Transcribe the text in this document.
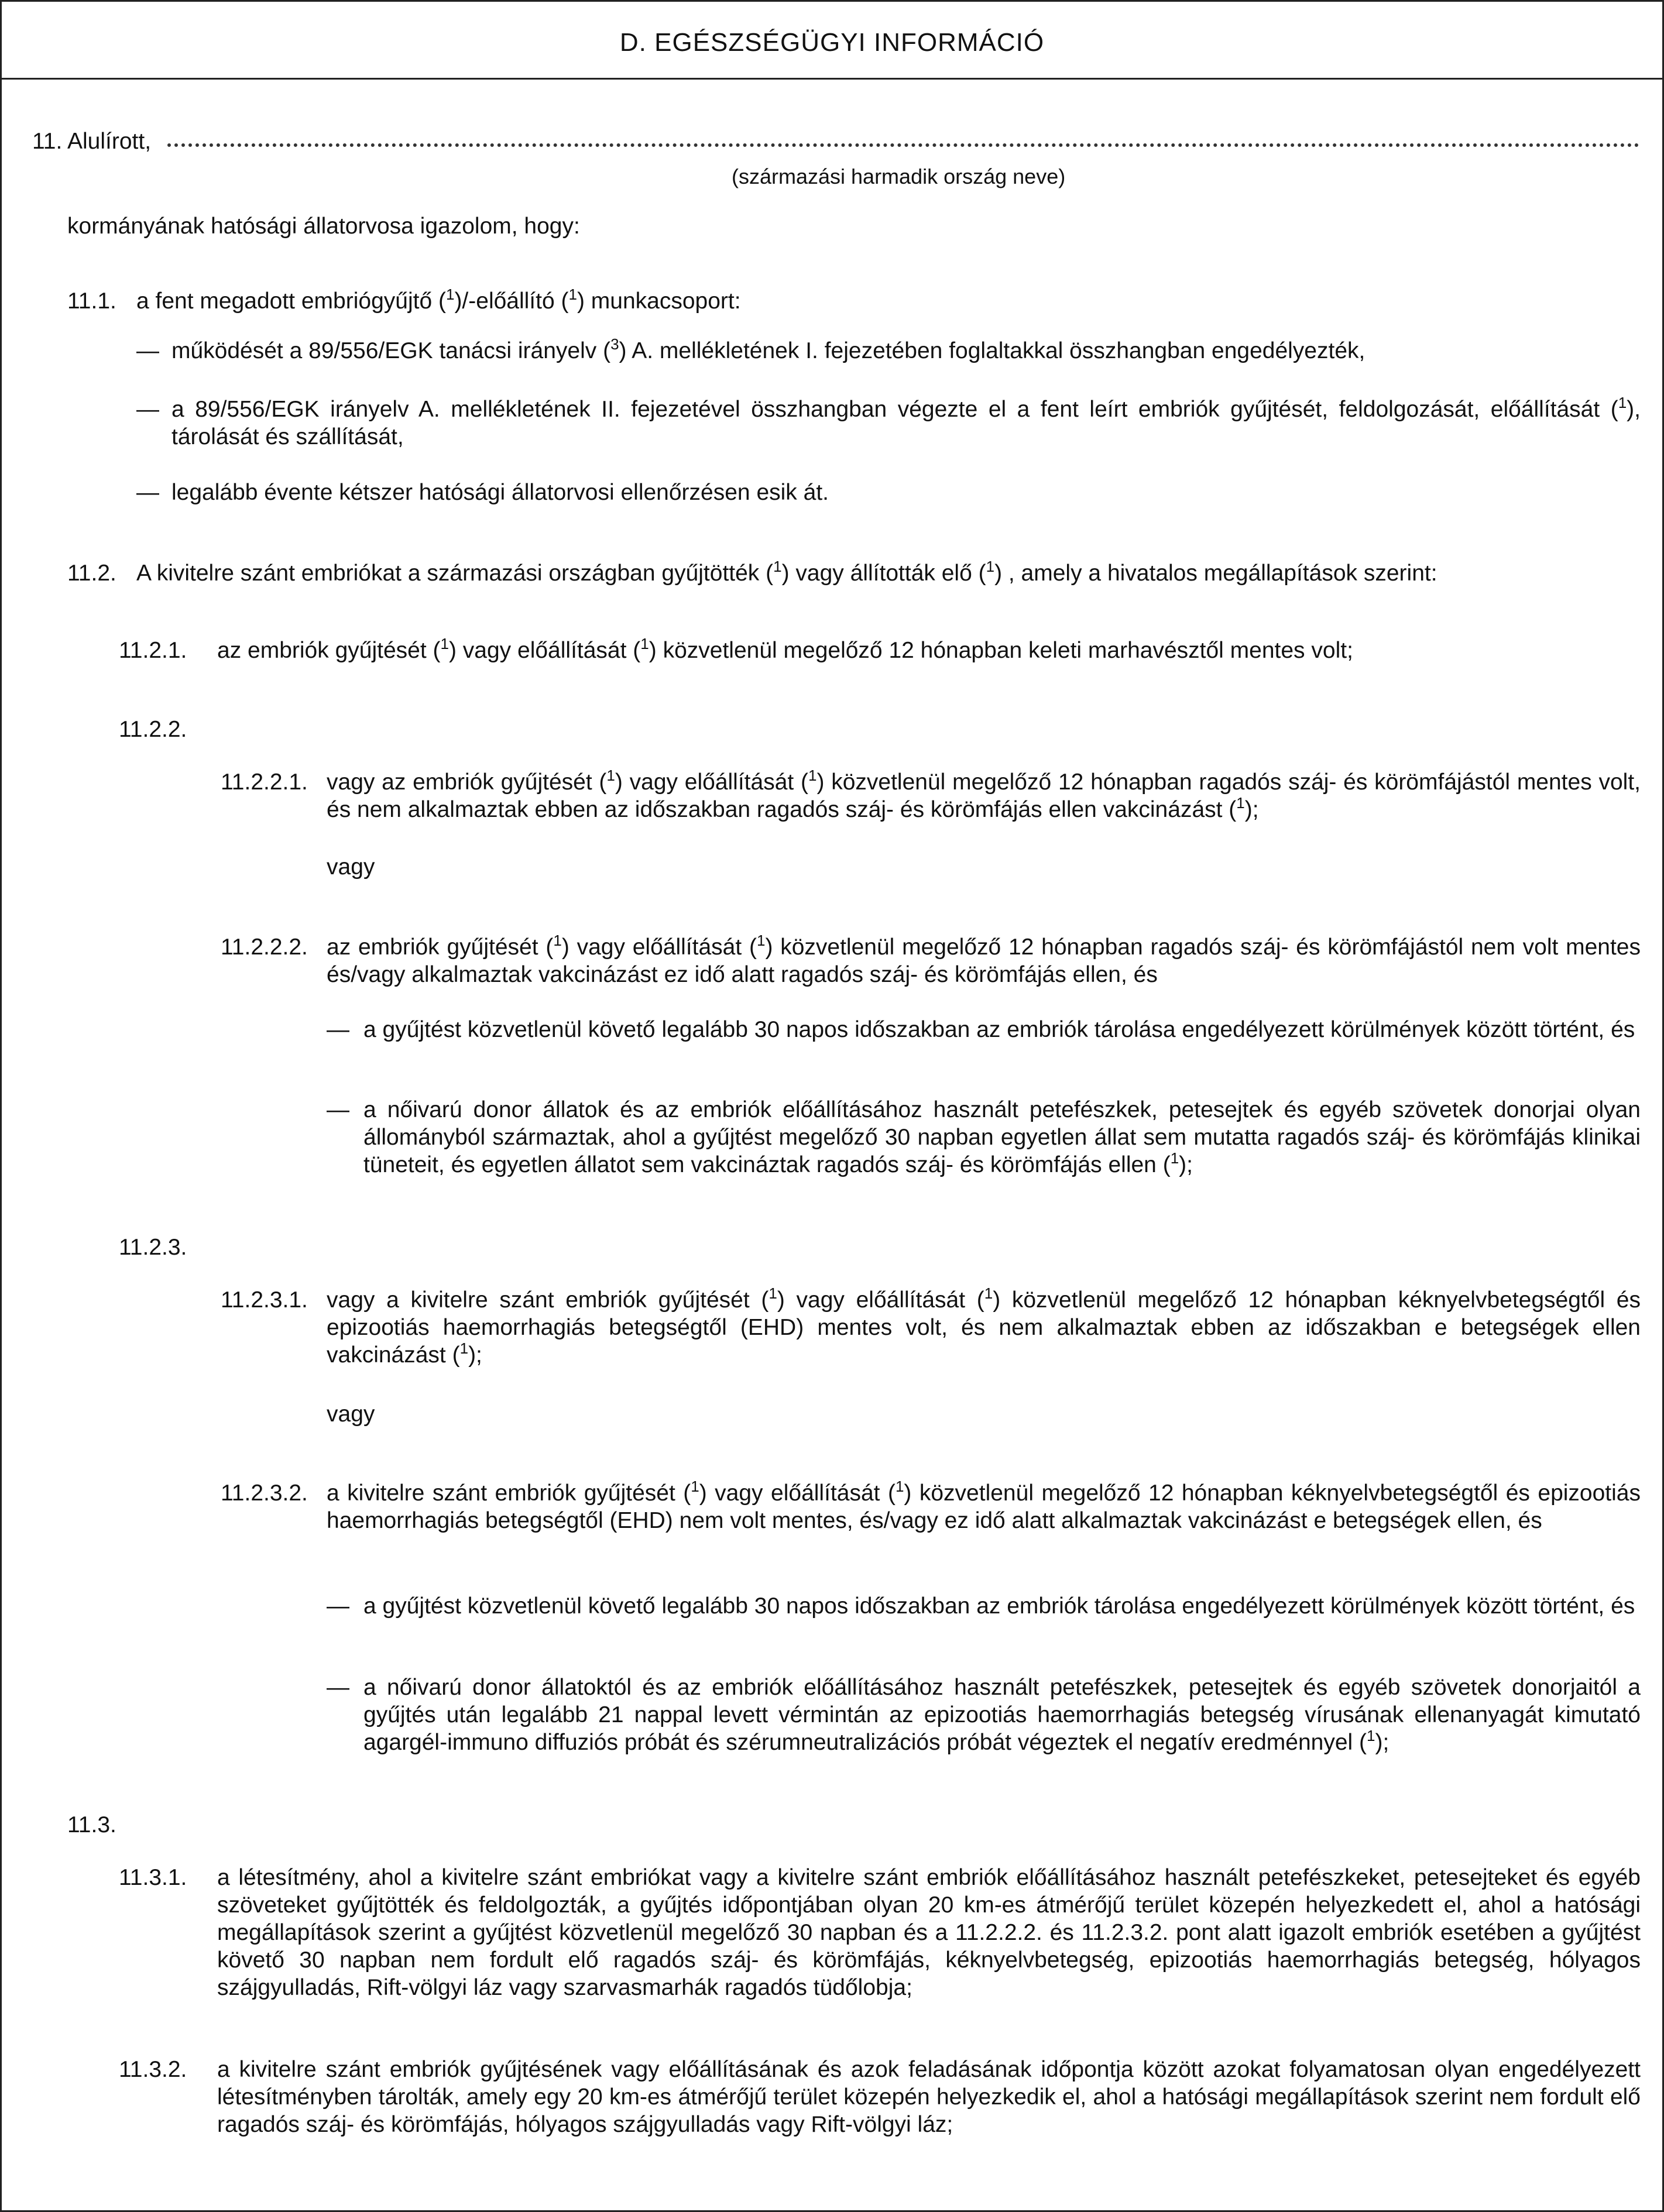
D. EGÉSZSÉGÜGYI INFORMÁCIÓ
11. Alulírott,
(származási harmadik ország neve)
kormányának hatósági állatorvosa igazolom, hogy:
11.1. a fent megadott embriógyűjtő ($^1$)/-előállító ($^1$) munkacsoport:
— működését a 89/556/EGK tanácsi irányelv ($^3$) A. mellékletének I. fejezetében foglaltakkal összhangban engedélyezték,
— a 89/556/EGK irányelv A. mellékletének II. fejezetével összhangban végezte el a fent leírt embriók gyűjtését, feldolgozását, előállítását ($^1$), tárolását és szállítását,
— legalább évente kétszer hatósági állatorvosi ellenőrzésen esik át.
11.2. A kivitelre szánt embriókat a származási országban gyűjtötték ($^1$) vagy állították elő ($^1$) , amely a hivatalos megállapítások szerint:
11.2.1. az embriók gyűjtését ($^1$) vagy előállítását ($^1$) közvetlenül megelőző 12 hónapban keleti marhavésztől mentes volt;
11.2.2.
11.2.2.1. vagy az embriók gyűjtését ($^1$) vagy előállítását ($^1$) közvetlenül megelőző 12 hónapban ragadós száj- és körömfájástól mentes volt, és nem alkalmaztak ebben az időszakban ragadós száj- és körömfájás ellen vakcinázást ($^1$);
vagy
11.2.2.2. az embriók gyűjtését ($^1$) vagy előállítását ($^1$) közvetlenül megelőző 12 hónapban ragadós száj- és körömfájástól nem volt mentes és/vagy alkalmaztak vakcinázást ez idő alatt ragadós száj- és körömfájás ellen, és
— a gyűjtést közvetlenül követő legalább 30 napos időszakban az embriók tárolása engedélyezett körülmények között történt, és
— a nőivarú donor állatok és az embriók előállításához használt petefészkek, petesejtek és egyéb szövetek donorjai olyan állományból származtak, ahol a gyűjtést megelőző 30 napban egyetlen állat sem mutatta ragadós száj- és körömfájás klinikai tüneteit, és egyetlen állatot sem vakcináztak ragadós száj- és körömfájás ellen ($^1$);
11.2.3.
11.2.3.1. vagy a kivitelre szánt embriók gyűjtését ($^1$) vagy előállítását ($^1$) közvetlenül megelőző 12 hónapban kéknyelvbetegségtől és epizootiás haemorrhagiás betegségtől (EHD) mentes volt, és nem alkalmaztak ebben az időszakban e betegségek ellen vakcinázást ($^1$);
vagy
11.2.3.2. a kivitelre szánt embriók gyűjtését ($^1$) vagy előállítását ($^1$) közvetlenül megelőző 12 hónapban kéknyelvbetegségtől és epizootiás haemorrhagiás betegségtől (EHD) nem volt mentes, és/vagy ez idő alatt alkalmaztak vakcinázást e betegségek ellen, és
— a gyűjtést közvetlenül követő legalább 30 napos időszakban az embriók tárolása engedélyezett körülmények között történt, és
— a nőivarú donor állatoktól és az embriók előállításához használt petefészkek, petesejtek és egyéb szövetek donorjaitól a gyűjtés után legalább 21 nappal levett vérmintán az epizootiás haemorrhagiás betegség vírusának ellenanyagát kimutató agargél-immuno diffuziós próbát és szérumneutralizációs próbát végeztek el negatív eredménnyel ($^1$);
11.3.
11.3.1. a létesítmény, ahol a kivitelre szánt embriókat vagy a kivitelre szánt embriók előállításához használt petefészkeket, petesejteket és egyéb szöveteket gyűjtötték és feldolgozták, a gyűjtés időpontjában olyan 20 km-es átmérőjű terület közepén helyezkedett el, ahol a hatósági megállapítások szerint a gyűjtést közvetlenül megelőző 30 napban és a 11.2.2.2. és 11.2.3.2. pont alatt igazolt embriók esetében a gyűjtést követő 30 napban nem fordult elő ragadós száj- és körömfájás, kéknyelvbetegség, epizootiás haemorrhagiás betegség, hólyagos szájgyulladás, Rift-völgyi láz vagy szarvasmarhák ragadós tüdőlobja;
11.3.2. a kivitelre szánt embriók gyűjtésének vagy előállításának és azok feladásának időpontja között azokat folyamatosan olyan engedélyezett létesítményben tárolták, amely egy 20 km-es átmérőjű terület közepén helyezkedik el, ahol a hatósági megállapítások szerint nem fordult elő ragadós száj- és körömfájás, hólyagos szájgyulladás vagy Rift-völgyi láz;
